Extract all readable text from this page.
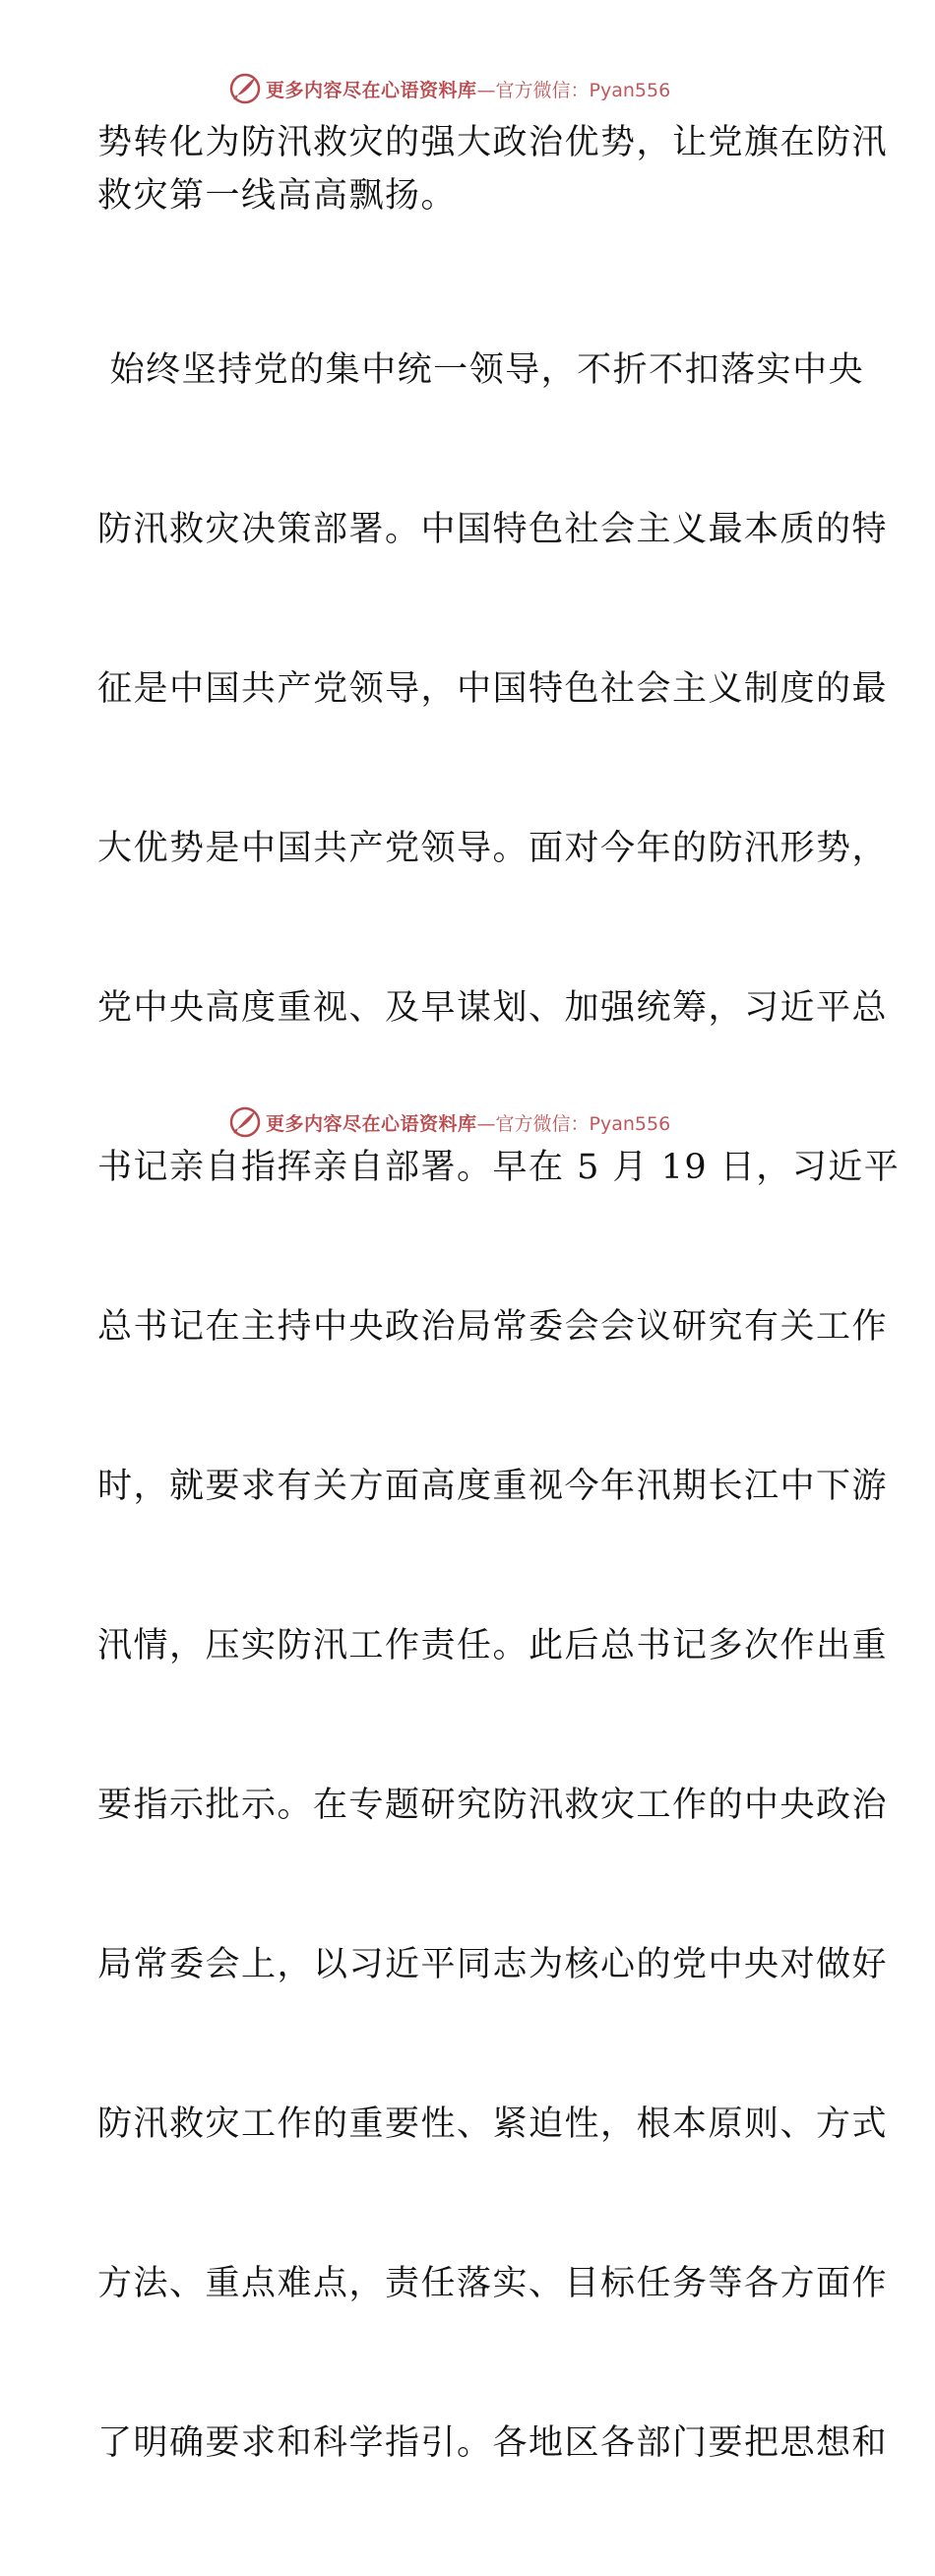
更多内容尽在心语资料库 —官方微信：Pyan556

势转化为防汛救灾的强大政治优势，让党旗在防汛
救灾第一线高高飘扬。

始终坚持党的集中统一领导，不折不扣落实中央

防汛救灾决策部署。中国特色社会主义最本质的特

征是中国共产党领导，中国特色社会主义制度的最

大优势是中国共产党领导。面对今年的防汛形势，

党中央高度重视、及早谋划、加强统筹，习近平总

书记亲自指挥亲自部署。早在 5 月 19 日，习近平

总书记在主持中央政治局常委会会议研究有关工作

时，就要求有关方面高度重视今年汛期长江中下游

汛情，压实防汛工作责任。此后总书记多次作出重

要指示批示。在专题研究防汛救灾工作的中央政治

局常委会上，以习近平同志为核心的党中央对做好

防汛救灾工作的重要性、紧迫性，根本原则、方式

方法、重点难点，责任落实、目标任务等各方面作

了明确要求和科学指引。各地区各部门要把思想和

更多内容尽在心语资料库 —官方微信：Pyan556
